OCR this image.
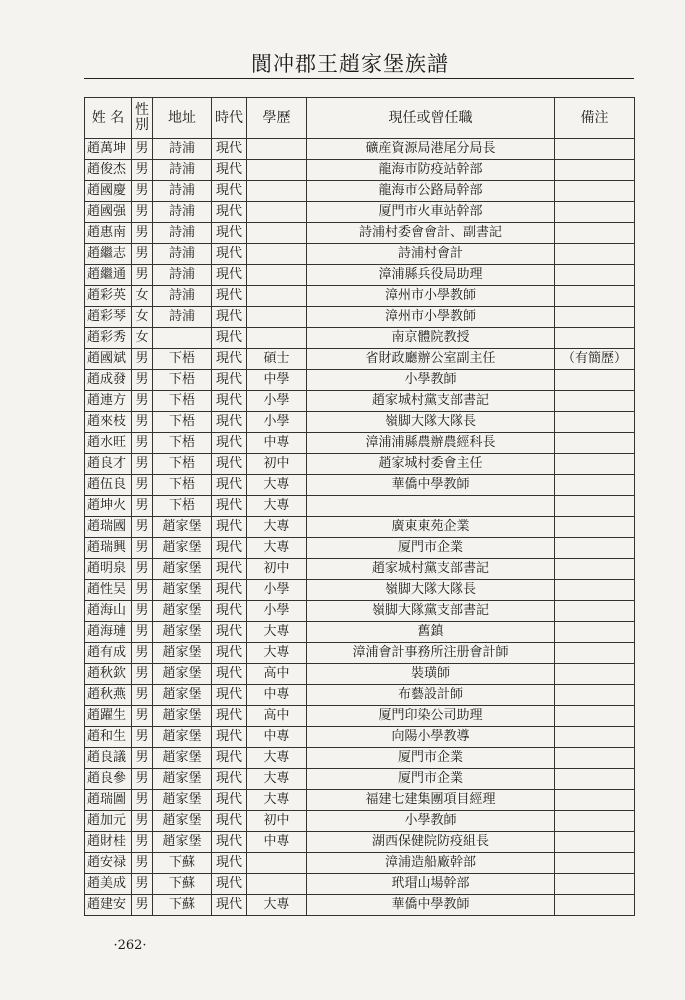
閬冲郡王趙家堡族譜
姓 名	性別	地址	時代	學歷	現任或曾任職	備注
趙萬坤	男	詩浦	現代		礦産資源局港尾分局長	
趙俊杰	男	詩浦	現代		龍海市防疫站幹部	
趙國慶	男	詩浦	現代		龍海市公路局幹部	
趙國强	男	詩浦	現代		厦門市火車站幹部	
趙惠南	男	詩浦	現代		詩浦村委會會計、副書記	
趙繼志	男	詩浦	現代		詩浦村會計	
趙繼通	男	詩浦	現代		漳浦縣兵役局助理	
趙彩英	女	詩浦	現代		漳州市小學教師	
趙彩琴	女	詩浦	現代		漳州市小學教師	
趙彩秀	女		現代		南京體院教授	
趙國斌	男	下梧	現代	碩士	省財政廳辦公室副主任	（有簡歷）
趙成發	男	下梧	現代	中學	小學教師	
趙連方	男	下梧	現代	小學	趙家城村黨支部書記	
趙來枝	男	下梧	現代	小學	嶺脚大隊大隊長	
趙水旺	男	下梧	現代	中專	漳浦浦縣農辦農經科長	
趙良才	男	下梧	現代	初中	趙家城村委會主任	
趙伍良	男	下梧	現代	大專	華僑中學教師	
趙坤火	男	下梧	現代	大專		
趙瑞國	男	趙家堡	現代	大專	廣東東苑企業	
趙瑞興	男	趙家堡	現代	大專	厦門市企業	
趙明泉	男	趙家堡	現代	初中	趙家城村黨支部書記	
趙性吴	男	趙家堡	現代	小學	嶺脚大隊大隊長	
趙海山	男	趙家堡	現代	小學	嶺脚大隊黨支部書記	
趙海璉	男	趙家堡	現代	大專	舊鎮	
趙有成	男	趙家堡	現代	大專	漳浦會計事務所注册會計師	
趙秋欽	男	趙家堡	現代	高中	裝璜師	
趙秋燕	男	趙家堡	現代	中專	布藝設計師	
趙躍生	男	趙家堡	現代	高中	厦門印染公司助理	
趙和生	男	趙家堡	現代	中專	向陽小學教導	
趙良議	男	趙家堡	現代	大專	厦門市企業	
趙良參	男	趙家堡	現代	大專	厦門市企業	
趙瑞圖	男	趙家堡	現代	大專	福建七建集團項目經理	
趙加元	男	趙家堡	現代	初中	小學教師	
趙財桂	男	趙家堡	現代	中專	湖西保健院防疫組長	
趙安禄	男	下蘇	現代		漳浦造船廠幹部	
趙美成	男	下蘇	現代		玳瑁山場幹部	
趙建安	男	下蘇	現代	大專	華僑中學教師	
·262·
